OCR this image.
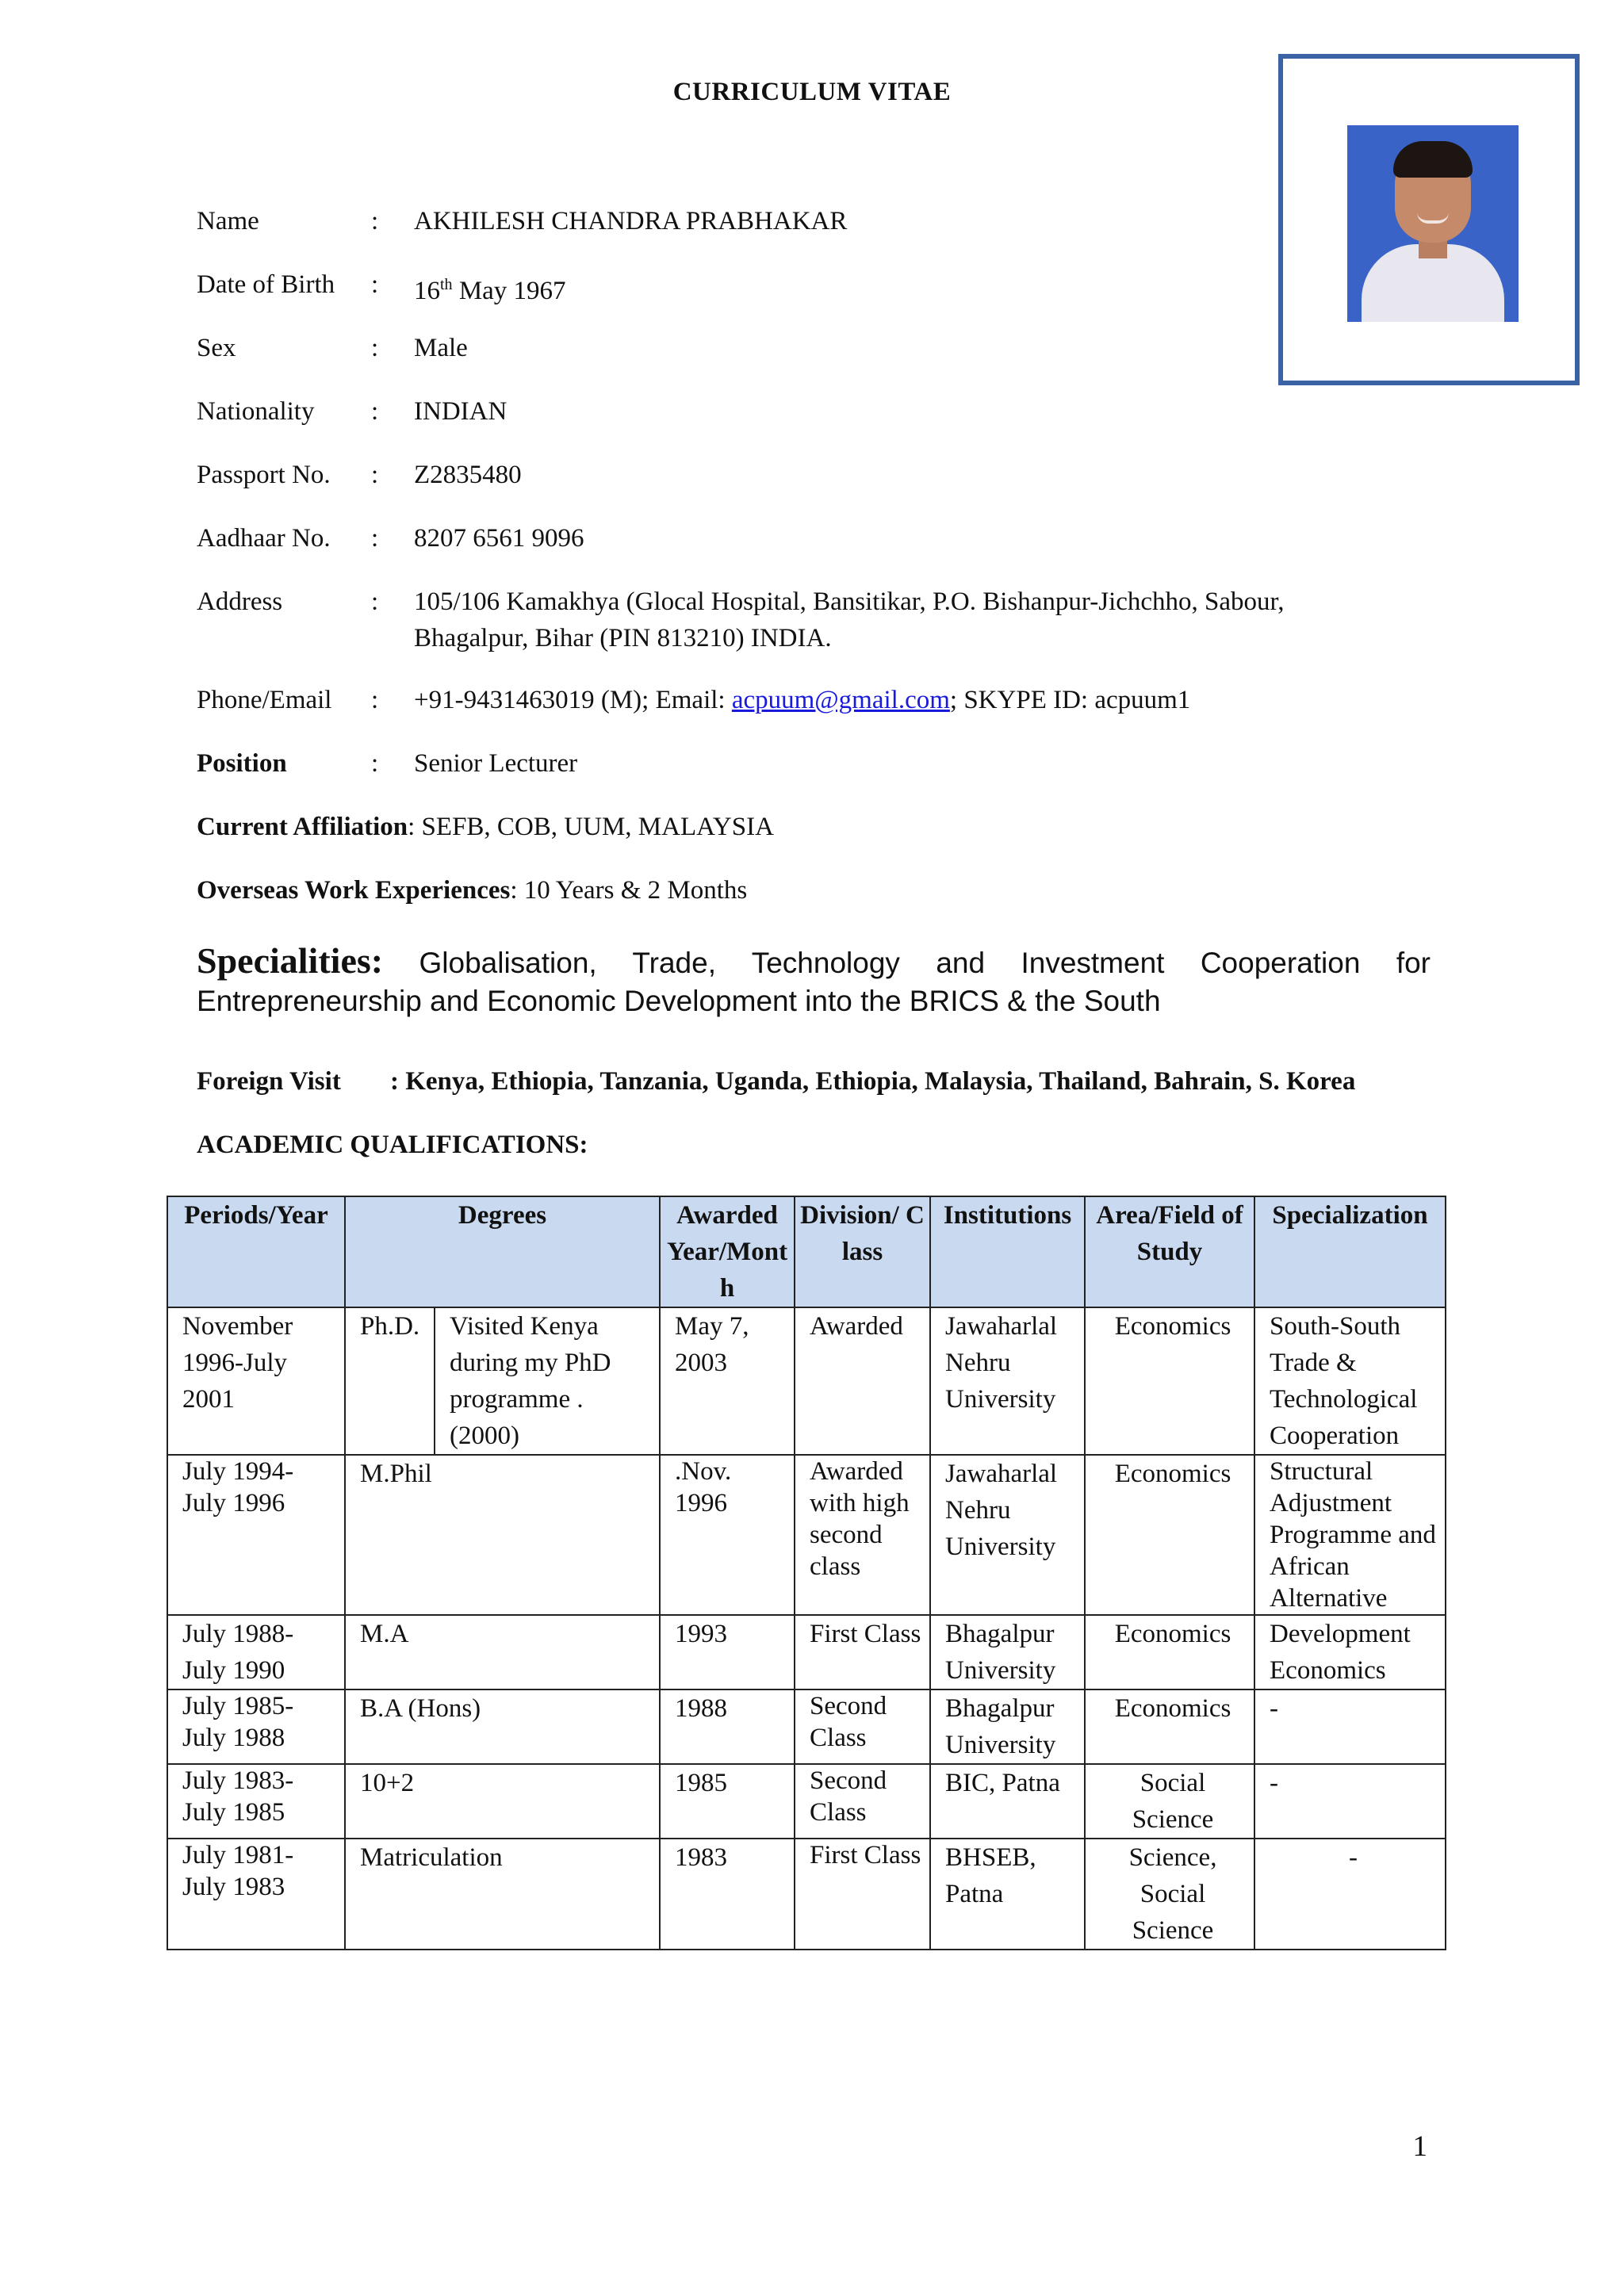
CURRICULUM VITAE
Name	: AKHILESH CHANDRA PRABHAKAR
Date of Birth : 16th May 1967
Sex	: Male
Nationality : INDIAN
Passport No. : Z2835480
Aadhaar No. : 8207 6561 9096
Address	: 105/106 Kamakhya (Glocal Hospital, Bansitikar, P.O. Bishanpur-Jichchho, Sabour,
Bhagalpur, Bihar (PIN 813210) INDIA.
Phone/Email : +91-9431463019 (M); Email: acpuum@gmail.com; SKYPE ID: acpuum1
Position	: Senior Lecturer
Current Affiliation: SEFB, COB, UUM, MALAYSIA
Overseas Work Experiences: 10 Years & 2 Months
Specialities: Globalisation, Trade, Technology and Investment Cooperation for Entrepreneurship and Economic Development into the BRICS & the South
Foreign Visit : Kenya, Ethiopia, Tanzania, Uganda, Ethiopia, Malaysia, Thailand, Bahrain, S. Korea
ACADEMIC QUALIFICATIONS:
Periods/Year	Degrees		Awarded Year/Month	Division/ Class	Institutions	Area/Field of Study	Specialization
November 1996-July 2001	Ph.D.	Visited Kenya during my PhD programme .(2000)	May 7, 2003	Awarded	Jawaharlal Nehru University	Economics	South-South Trade & Technological Cooperation
July 1994-July 1996	M.Phil		.Nov. 1996	Awarded with high second class	Jawaharlal Nehru University	Economics	Structural Adjustment Programme and African Alternative
July 1988-July 1990	M.A		1993	First Class	Bhagalpur University	Economics	Development Economics
July 1985-July 1988	B.A (Hons)		1988	Second Class	Bhagalpur University	Economics	-
July 1983-July 1985	10+2		1985	Second Class	BIC, Patna	Social Science	-
July 1981-July 1983	Matriculation		1983	First Class	BHSEB, Patna	Science, Social Science	-
1
